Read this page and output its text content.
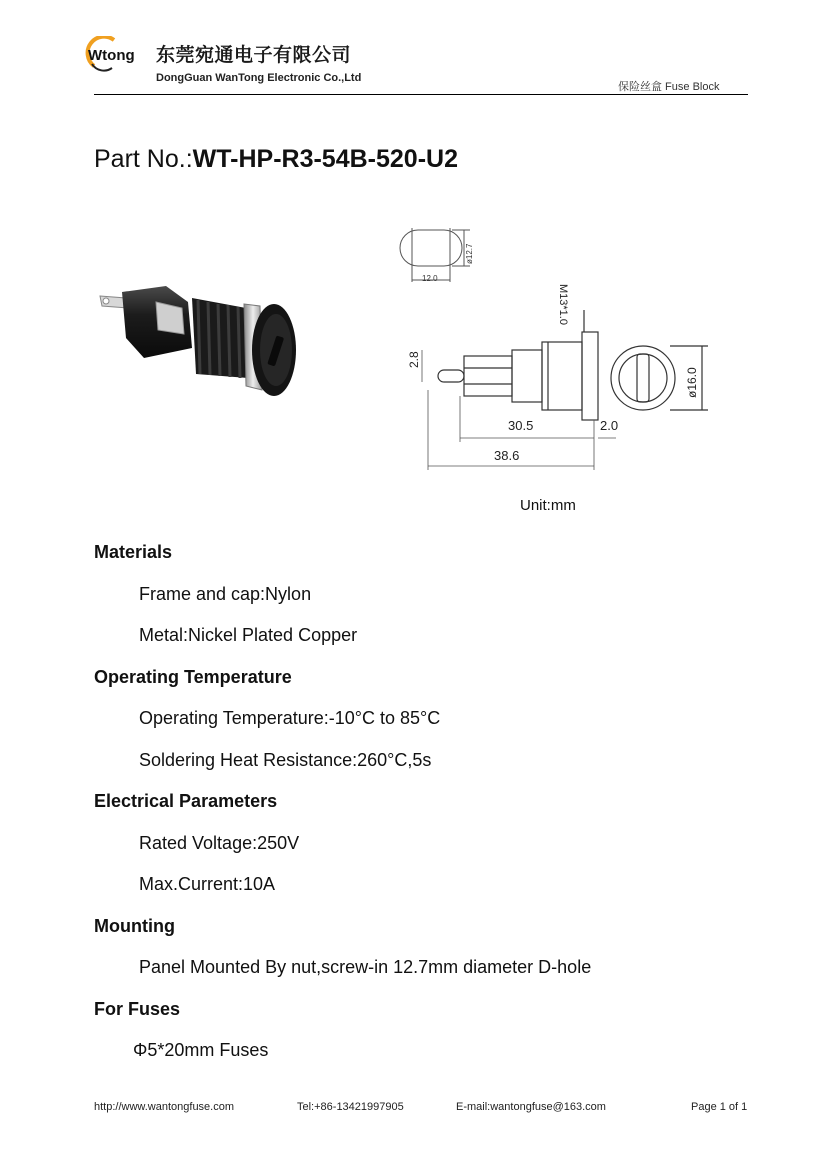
Wtong 东莞宛通电子有限公司
DongGuan WanTong Electronic Co.,Ltd
保险丝盒 Fuse Block
Part No.:WT-HP-R3-54B-520-U2
12.0
ø12.7
M13*1.0
2.8
30.5	2.0
38.6
ø16.0
Unit:mm
Materials
Frame and cap:Nylon
Metal:Nickel Plated Copper
Operating Temperature
Operating Temperature:-10°C to 85°C
Soldering Heat Resistance:260°C,5s
Electrical Parameters
Rated Voltage:250V
Max.Current:10A
Mounting
Panel Mounted By nut,screw-in 12.7mm diameter D-hole
For Fuses
Φ5*20mm Fuses
http://www.wantongfuse.com	Tel:+86-13421997905	E-mail:wantongfuse@163.com	Page 1 of 1
